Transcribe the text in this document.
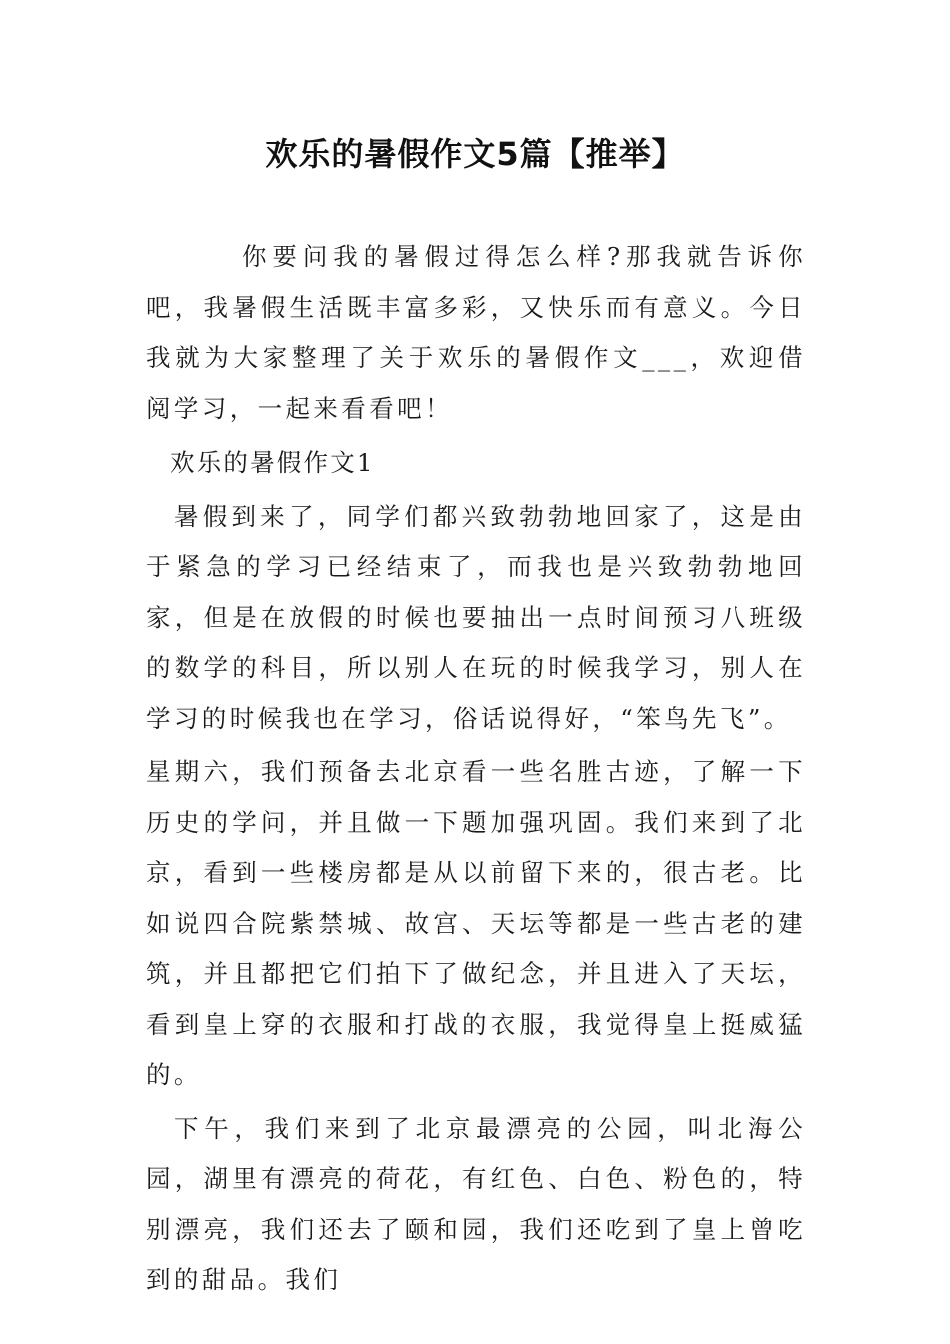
欢乐的暑假作文5篇【推举】

你要问我的暑假过得怎么样?那我就告诉你吧，我暑假生活既丰富多彩，又快乐而有意义。今日我就为大家整理了关于欢乐的暑假作文___，欢迎借阅学习，一起来看看吧！

欢乐的暑假作文1

暑假到来了，同学们都兴致勃勃地回家了，这是由于紧急的学习已经结束了，而我也是兴致勃勃地回家，但是在放假的时候也要抽出一点时间预习八班级的数学的科目，所以别人在玩的时候我学习，别人在学习的时候我也在学习，俗话说得好，“笨鸟先飞”。

星期六，我们预备去北京看一些名胜古迹，了解一下历史的学问，并且做一下题加强巩固。我们来到了北京，看到一些楼房都是从以前留下来的，很古老。比如说四合院紫禁城、故宫、天坛等都是一些古老的建筑，并且都把它们拍下了做纪念，并且进入了天坛，看到皇上穿的衣服和打战的衣服，我觉得皇上挺威猛的。

下午，我们来到了北京最漂亮的公园，叫北海公园，湖里有漂亮的荷花，有红色、白色、粉色的，特别漂亮，我们还去了颐和园，我们还吃到了皇上曾吃到的甜品。我们
